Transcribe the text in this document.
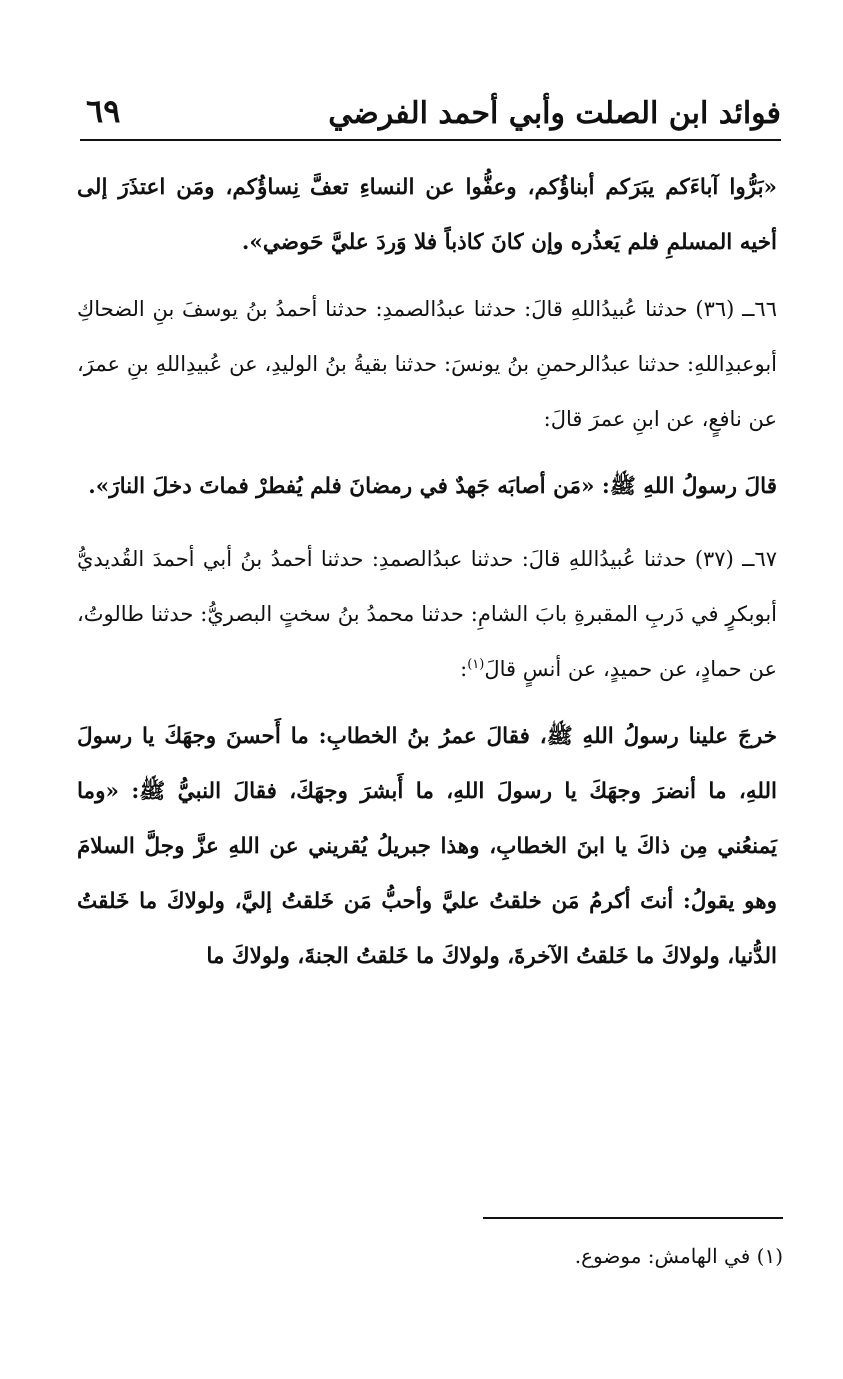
فوائد ابن الصلت وأبي أحمد الفرضي
٦٩

«بَرُّوا آباءَكم يبَرَكم أبناؤُكم، وعفُّوا عن النساءِ تعفَّ نِساؤُكم، ومَن اعتذَرَ إلى أخيه المسلمِ فلم يَعذُره وإن كانَ كاذباً فلا وَردَ عليَّ حَوضي».

٦٦ــ (٣٦) حدثنا عُبيدُاللهِ قالَ: حدثنا عبدُالصمدِ: حدثنا أحمدُ بنُ يوسفَ بنِ الضحاكِ أبوعبدِاللهِ: حدثنا عبدُالرحمنِ بنُ يونسَ: حدثنا بقيةُ بنُ الوليدِ، عن عُبيدِاللهِ بنِ عمرَ، عن نافعٍ، عن ابنِ عمرَ قالَ:

قالَ رسولُ اللهِ ﷺ: «مَن أصابَه جَهدٌ في رمضانَ فلم يُفطرْ فماتَ دخلَ النارَ».

٦٧ــ (٣٧) حدثنا عُبيدُاللهِ قالَ: حدثنا عبدُالصمدِ: حدثنا أحمدُ بنُ أبي أحمدَ القُديديُّ أبوبكرٍ في دَربِ المقبرةِ بابَ الشامِ: حدثنا محمدُ بنُ سختٍ البصريُّ: حدثنا طالوتُ، عن حمادٍ، عن حميدٍ، عن أنسٍ قالَ$^{(١)}$:

خرجَ علينا رسولُ اللهِ ﷺ، فقالَ عمرُ بنُ الخطابِ: ما أَحسنَ وجهَكَ يا رسولَ اللهِ، ما أنضرَ وجهَكَ يا رسولَ اللهِ، ما أَبشرَ وجهَكَ، فقالَ النبيُّ ﷺ: «وما يَمنعُني مِن ذاكَ يا ابنَ الخطابِ، وهذا جبريلُ يُقريني عن اللهِ عزَّ وجلَّ السلامَ وهو يقولُ: أنتَ أكرمُ مَن خلقتُ عليَّ وأحبُّ مَن خَلقتُ إليَّ، ولولاكَ ما خَلقتُ الدُّنيا، ولولاكَ ما خَلقتُ الآخرةَ، ولولاكَ ما خَلقتُ الجنةَ، ولولاكَ ما

(١) في الهامش: موضوع.
